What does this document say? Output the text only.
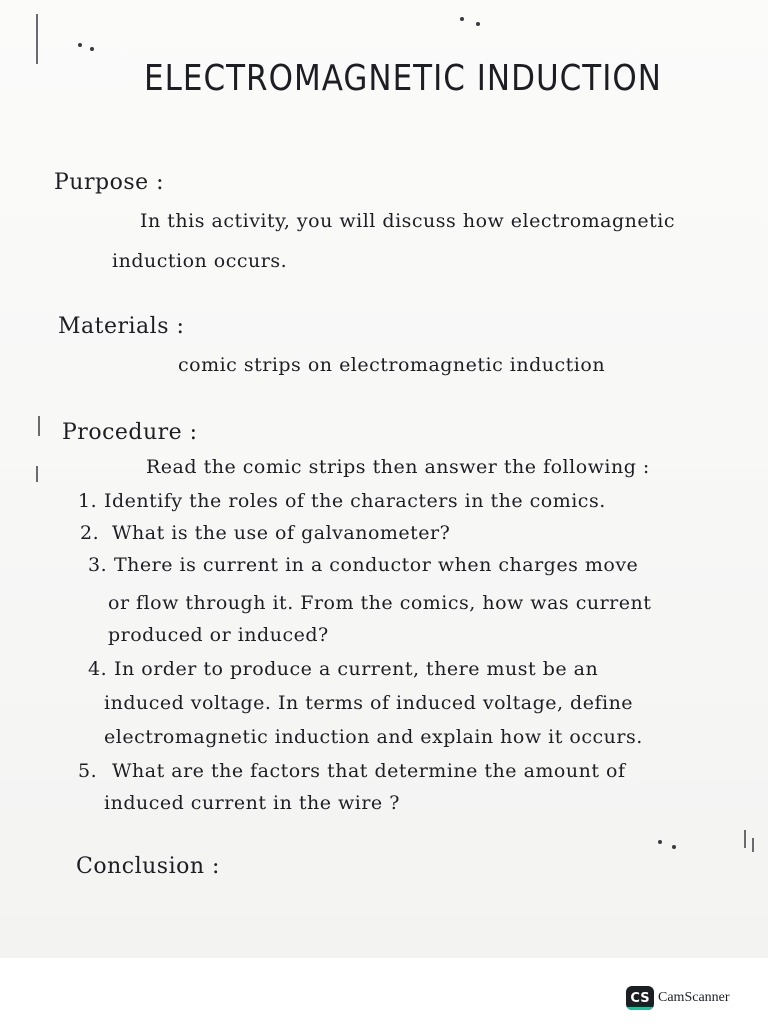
ELECTROMAGNETIC INDUCTION
Purpose :
In this activity, you will discuss how electromagnetic
induction occurs.
Materials :
comic strips on electromagnetic induction
Procedure :
Read the comic strips then answer the following :
1. Identify the roles of the characters in the comics.
2. What is the use of galvanometer?
3. There is current in a conductor when charges move
or flow through it. From the comics, how was current
produced or induced?
4. In order to produce a current, there must be an
induced voltage. In terms of induced voltage, define
electromagnetic induction and explain how it occurs.
5. What are the factors that determine the amount of
induced current in the wire ?
Conclusion :
CS CamScanner
